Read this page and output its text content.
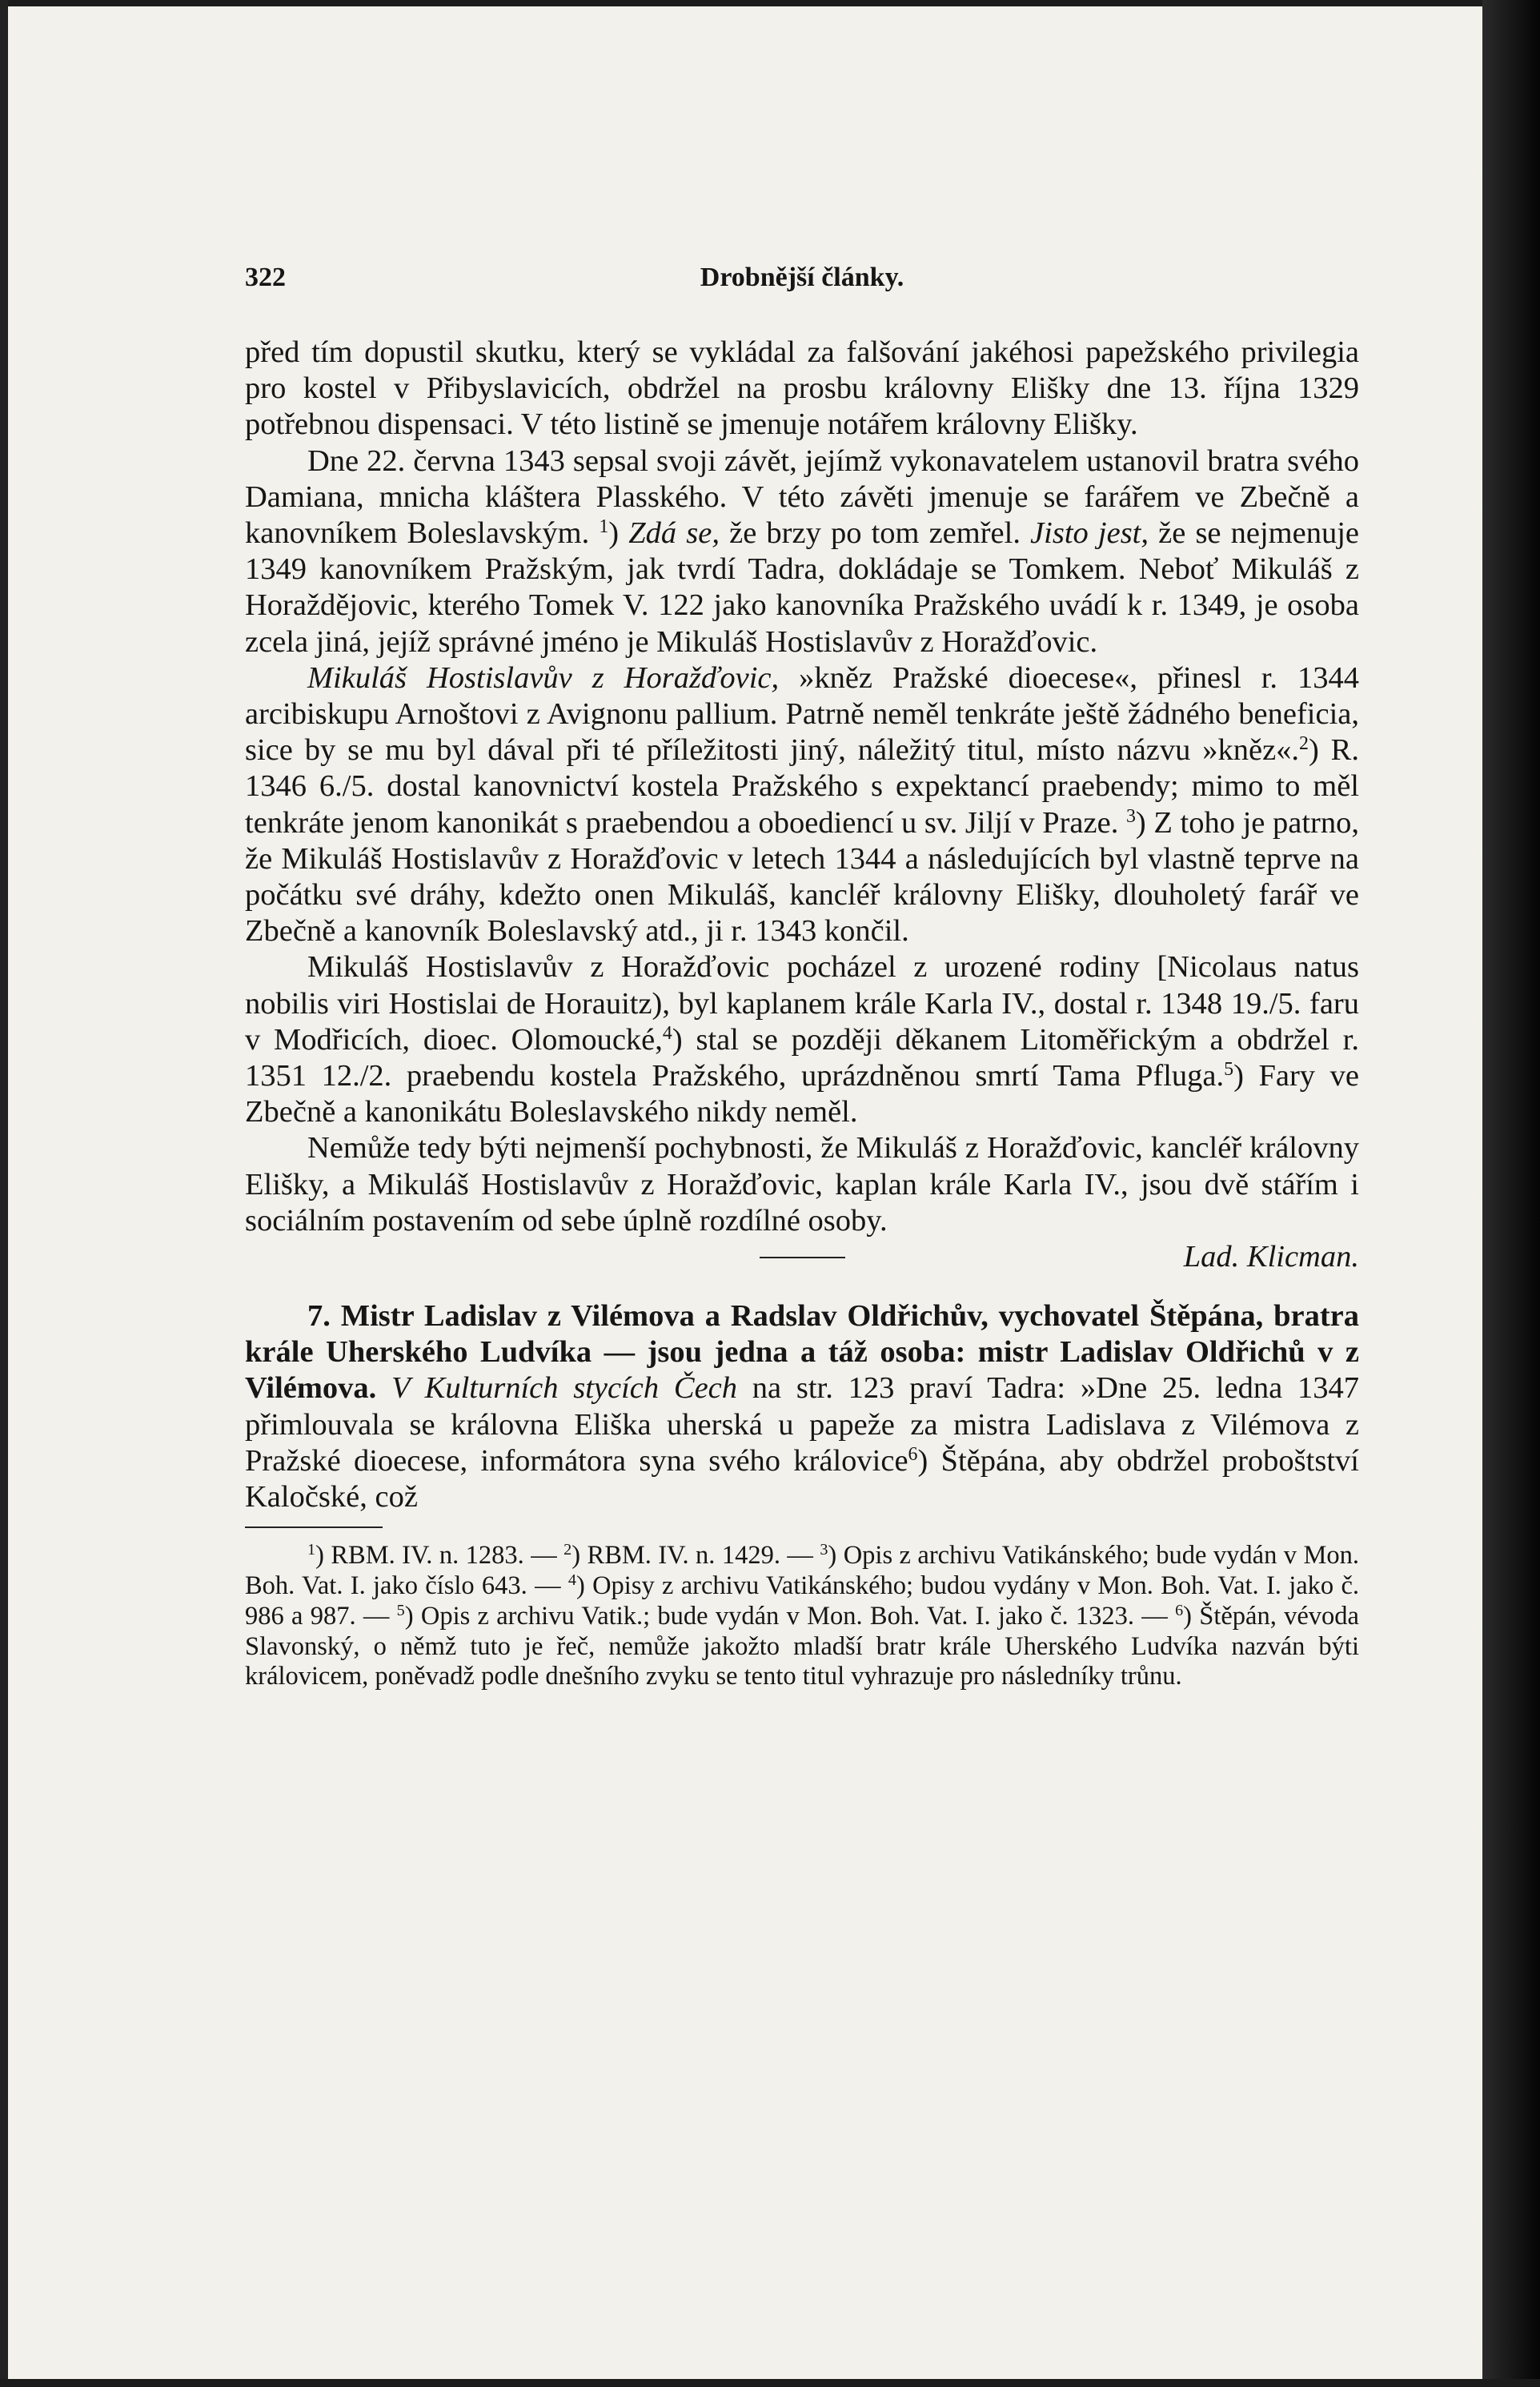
322	Drobnější články.

před tím dopustil skutku, který se vykládal za falšování jakéhosi papežského privilegia pro kostel v Přibyslavicích, obdržel na prosbu královny Elišky dne 13. října 1329 potřebnou dispensaci. V této listině se jmenuje notářem královny Elišky.

Dne 22. června 1343 sepsal svoji závět, jejímž vykonavatelem ustanovil bratra svého Damiana, mnicha kláštera Plasského. V této závěti jmenuje se farářem ve Zbečně a kanovníkem Boleslavským. $^1$) Zdá se, že brzy po tom zemřel. Jisto jest, že se nejmenuje 1349 kanovníkem Pražským, jak tvrdí Tadra, dokládaje se Tomkem. Neboť Mikuláš z Horaždějovic, kterého Tomek V. 122 jako kanovníka Pražského uvádí k r. 1349, je osoba zcela jiná, jejíž správné jméno je Mikuláš Hostislavův z Horažďovic.

Mikuláš Hostislavův z Horažďovic, »kněz Pražské dioecese«, přinesl r. 1344 arcibiskupu Arnoštovi z Avignonu pallium. Patrně neměl tenkráte ještě žádného beneficia, sice by se mu byl dával při té příležitosti jiný, náležitý titul, místo názvu »kněz«.$^2$) R. 1346 6./5. dostal kanovnictví kostela Pražského s expektancí praebendy; mimo to měl tenkráte jenom kanonikát s praebendou a oboediencí u sv. Jiljí v Praze. $^3$) Z toho je patrno, že Mikuláš Hostislavův z Horažďovic v letech 1344 a následujících byl vlastně teprve na počátku své dráhy, kdežto onen Mikuláš, kancléř královny Elišky, dlouholetý farář ve Zbečně a kanovník Boleslavský atd., ji r. 1343 končil.

Mikuláš Hostislavův z Horažďovic pocházel z urozené rodiny [Nicolaus natus nobilis viri Hostislai de Horauitz), byl kaplanem krále Karla IV., dostal r. 1348 19./5. faru v Modřicích, dioec. Olomoucké,$^4$) stal se později děkanem Litoměřickým a obdržel r. 1351 12./2. praebendu kostela Pražského, uprázdněnou smrtí Tama Pfluga.$^5$) Fary ve Zbečně a kanonikátu Boleslavského nikdy neměl.

Nemůže tedy býti nejmenší pochybnosti, že Mikuláš z Horažďovic, kancléř královny Elišky, a Mikuláš Hostislavův z Horažďovic, kaplan krále Karla IV., jsou dvě stářím i sociálním postavením od sebe úplně rozdílné osoby.

Lad. Klicman.

7. Mistr Ladislav z Vilémova a Radslav Oldřichův, vychovatel Štěpána, bratra krále Uherského Ludvíka — jsou jedna a táž osoba: mistr Ladislav Oldřichů v z Vilémova. V Kulturních stycích Čech na str. 123 praví Tadra: »Dne 25. ledna 1347 přimlouvala se královna Eliška uherská u papeže za mistra Ladislava z Vilémova z Pražské dioecese, informátora syna svého královice$^6$) Štěpána, aby obdržel proboštství Kaločské, což

$^1$) RBM. IV. n. 1283. — $^2$) RBM. IV. n. 1429. — $^3$) Opis z archivu Vatikánského; bude vydán v Mon. Boh. Vat. I. jako číslo 643. — $^4$) Opisy z archivu Vatikánského; budou vydány v Mon. Boh. Vat. I. jako č. 986 a 987. — $^5$) Opis z archivu Vatik.; bude vydán v Mon. Boh. Vat. I. jako č. 1323. — $^6$) Štěpán, vévoda Slavonský, o němž tuto je řeč, nemůže jakožto mladší bratr krále Uherského Ludvíka nazván býti královicem, poněvadž podle dnešního zvyku se tento titul vyhrazuje pro následníky trůnu.
